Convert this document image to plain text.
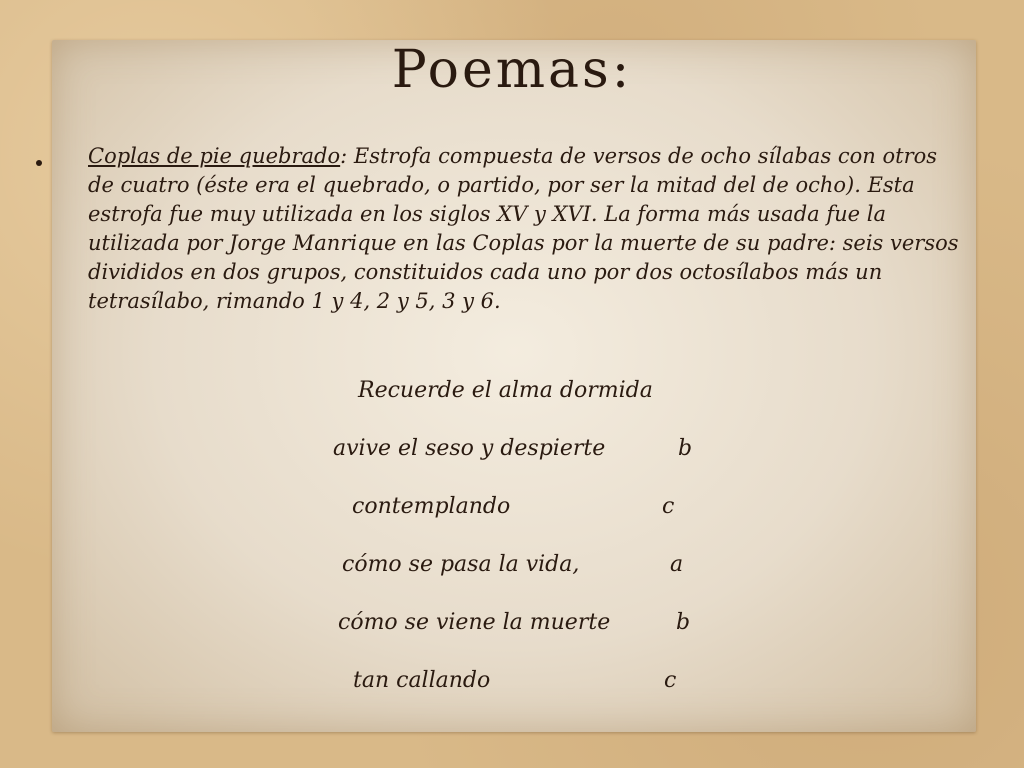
Poemas:

Coplas de pie quebrado: Estrofa compuesta de versos de ocho sílabas con otros de cuatro (éste era el quebrado, o partido, por ser la mitad del de ocho). Esta estrofa fue muy utilizada en los siglos XV y XVI. La forma más usada fue la utilizada por Jorge Manrique en las Coplas por la muerte de su padre: seis versos divididos en dos grupos, constituidos cada uno por dos octosílabos más un tetrasílabo, rimando 1 y 4, 2 y 5, 3 y 6.

Recuerde el alma dormida
avive el seso y despierte	b
contemplando	c
cómo se pasa la vida,	a
cómo se viene la muerte	b
tan callando	c
